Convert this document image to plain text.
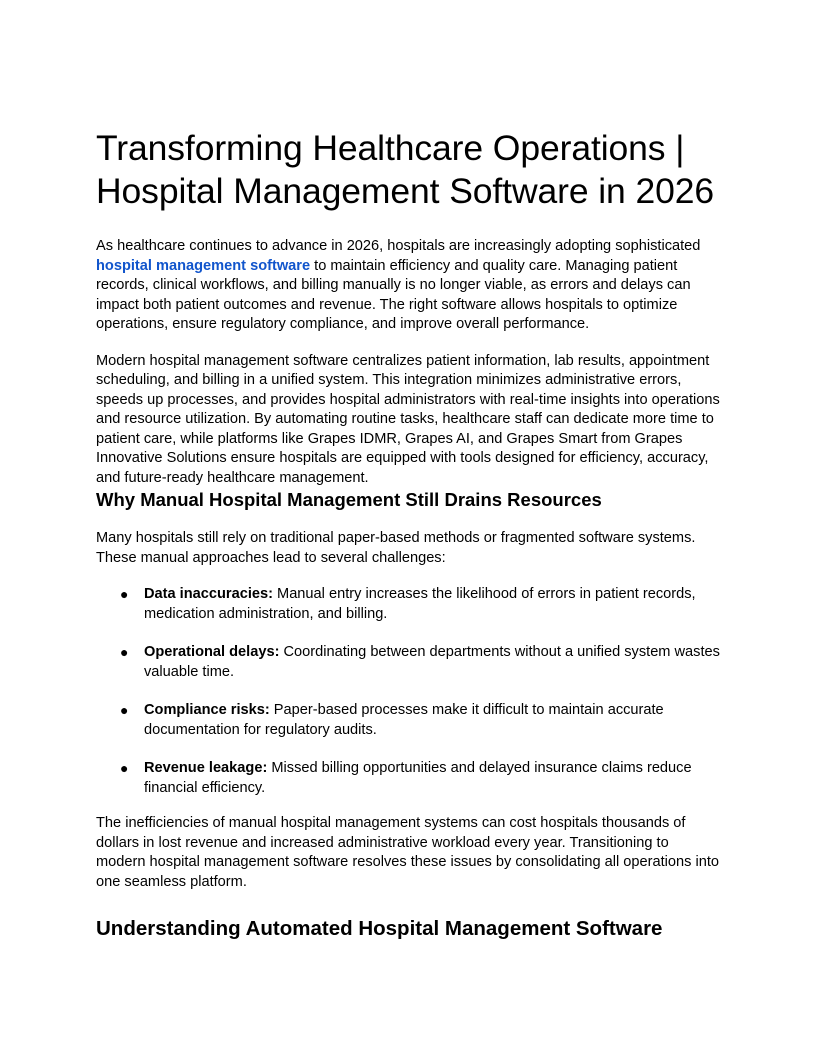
Transforming Healthcare Operations |
Hospital Management Software in 2026

As healthcare continues to advance in 2026, hospitals are increasingly adopting sophisticated hospital management software to maintain efficiency and quality care. Managing patient records, clinical workflows, and billing manually is no longer viable, as errors and delays can impact both patient outcomes and revenue. The right software allows hospitals to optimize operations, ensure regulatory compliance, and improve overall performance.

Modern hospital management software centralizes patient information, lab results, appointment scheduling, and billing in a unified system. This integration minimizes administrative errors, speeds up processes, and provides hospital administrators with real-time insights into operations and resource utilization. By automating routine tasks, healthcare staff can dedicate more time to patient care, while platforms like Grapes IDMR, Grapes AI, and Grapes Smart from Grapes Innovative Solutions ensure hospitals are equipped with tools designed for efficiency, accuracy, and future-ready healthcare management.

Why Manual Hospital Management Still Drains Resources

Many hospitals still rely on traditional paper-based methods or fragmented software systems. These manual approaches lead to several challenges:

● Data inaccuracies: Manual entry increases the likelihood of errors in patient records, medication administration, and billing.
● Operational delays: Coordinating between departments without a unified system wastes valuable time.
● Compliance risks: Paper-based processes make it difficult to maintain accurate documentation for regulatory audits.
● Revenue leakage: Missed billing opportunities and delayed insurance claims reduce financial efficiency.

The inefficiencies of manual hospital management systems can cost hospitals thousands of dollars in lost revenue and increased administrative workload every year. Transitioning to modern hospital management software resolves these issues by consolidating all operations into one seamless platform.

Understanding Automated Hospital Management Software
